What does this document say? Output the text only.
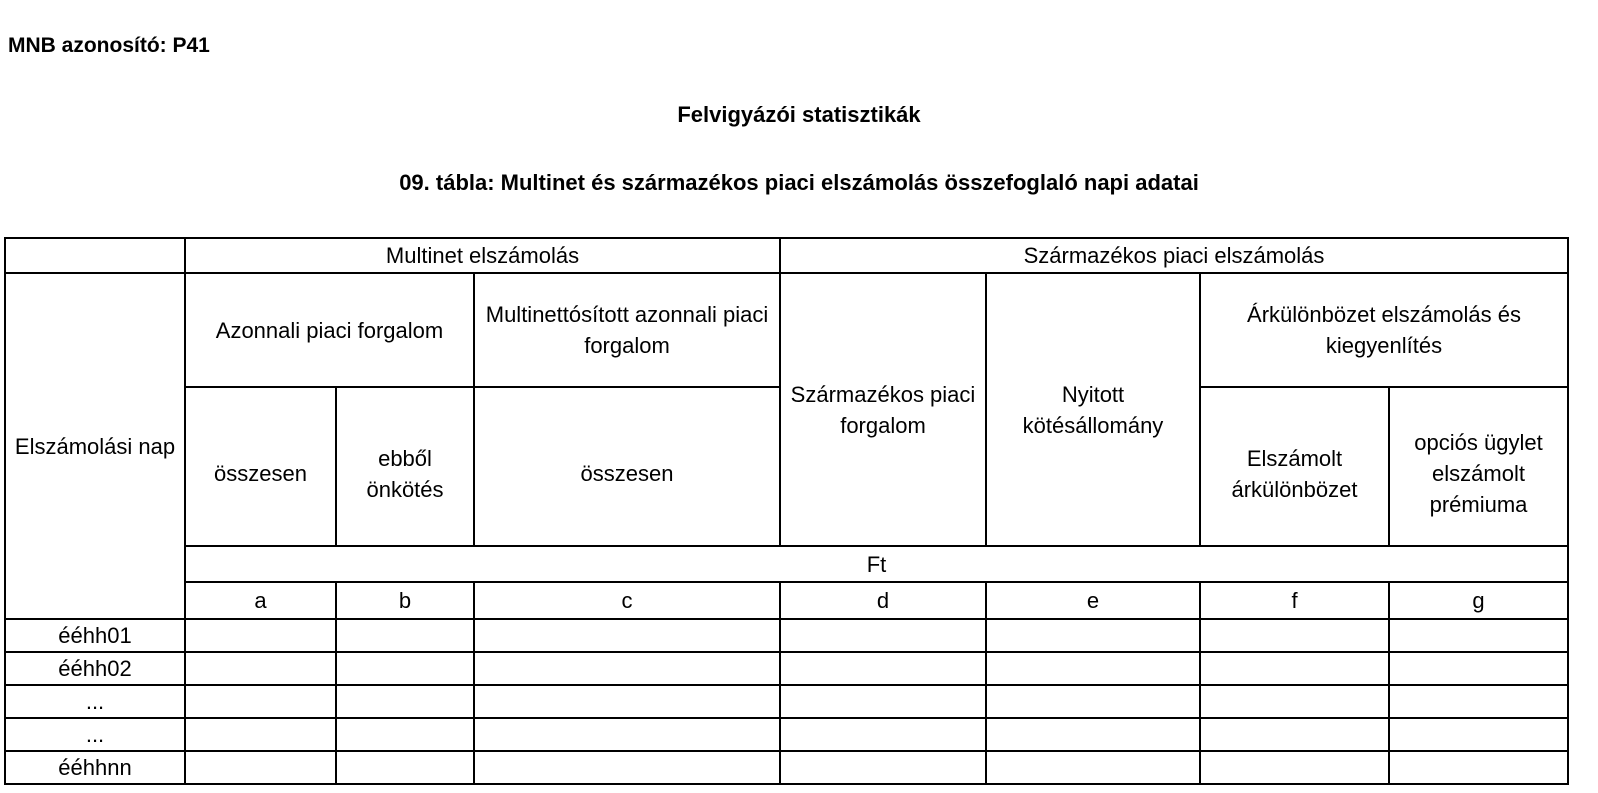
MNB azonosító: P41

Felvigyázói statisztikák

09. tábla: Multinet és származékos piaci elszámolás összefoglaló napi adatai

	Multinet elszámolás			Származékos piaci elszámolás			
Elszámolási nap	Azonnali piaci forgalom		Multinettósított azonnali piaci forgalom	Származékos piaci forgalom	Nyitott kötésállomány	Árkülönbözet elszámolás és kiegyenlítés	
	összesen	ebből önkötés	összesen			Elszámolt árkülönbözet	opciós ügylet elszámolt prémiuma
	Ft						
	a	b	c	d	e	f	g
ééhh01							
ééhh02							
...							
...							
ééhhnn							
